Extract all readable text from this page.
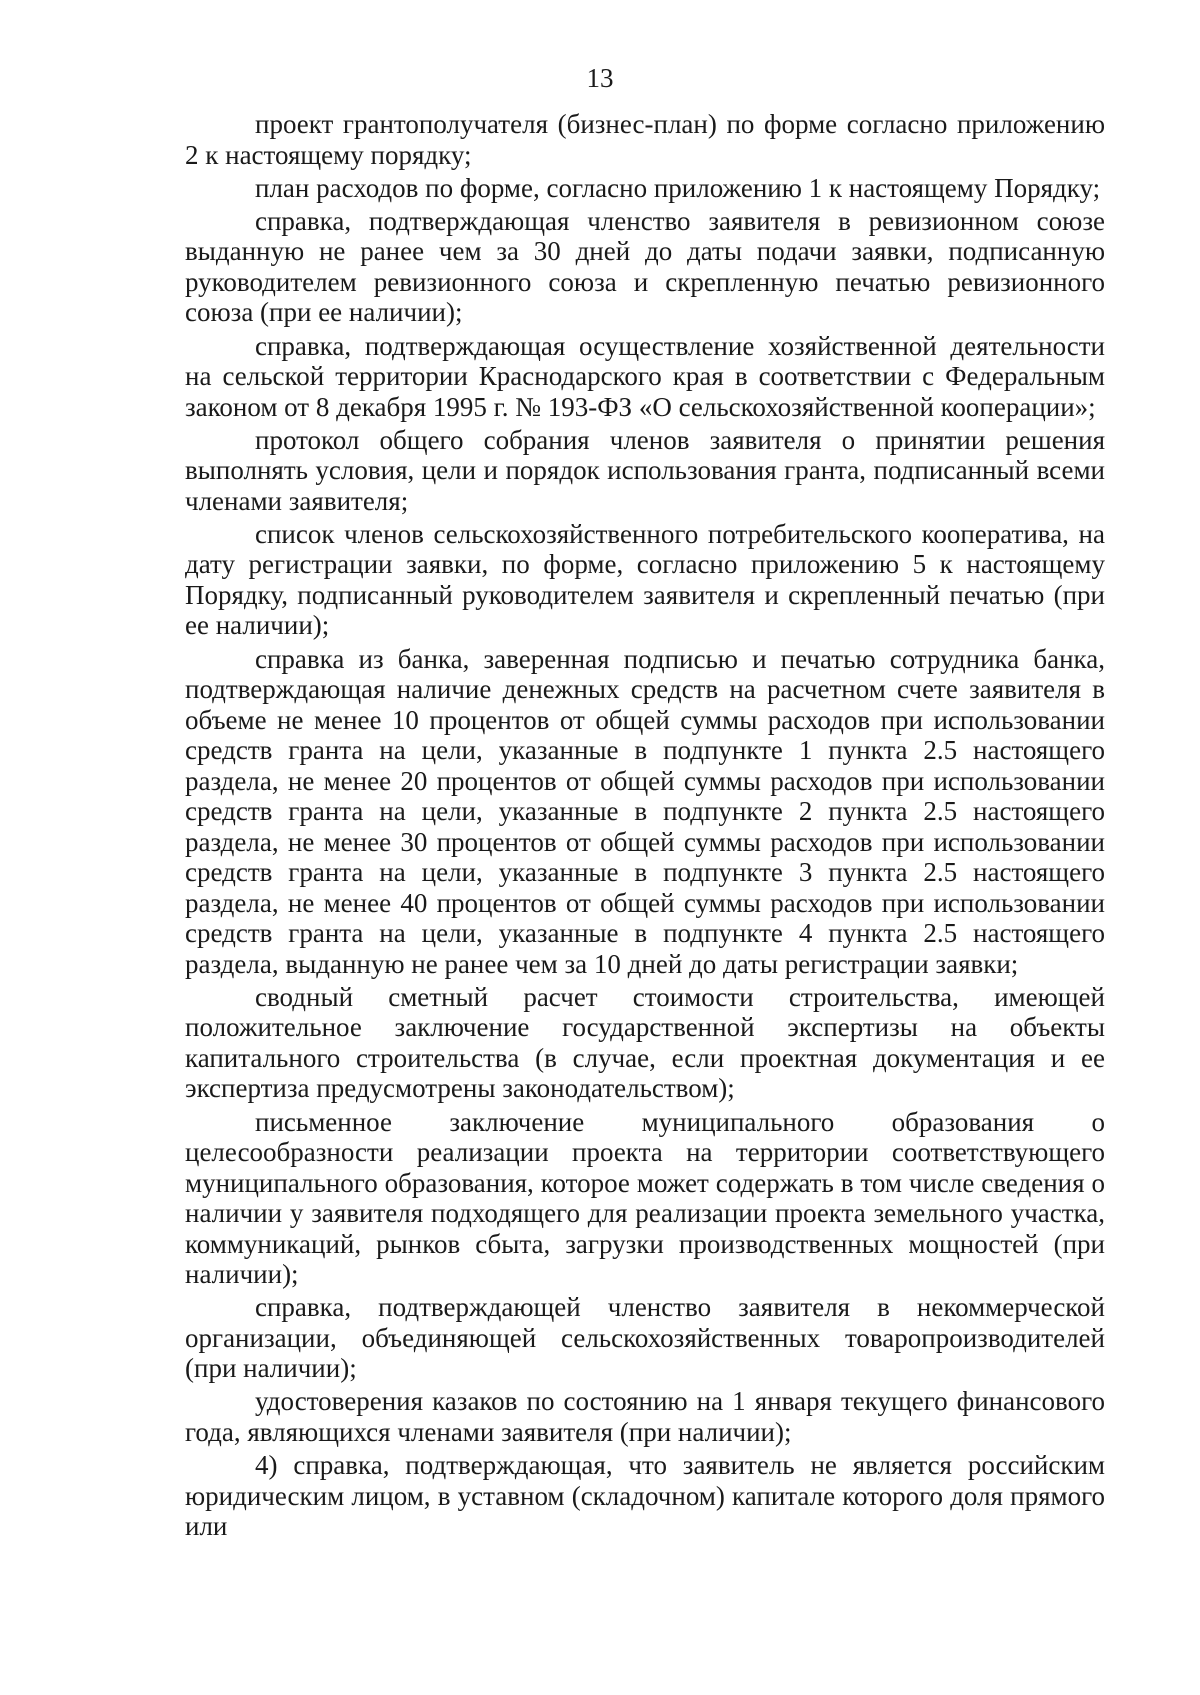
13

проект грантополучателя (бизнес-план) по форме согласно приложению 2 к настоящему порядку;

план расходов по форме, согласно приложению 1 к настоящему Порядку;

справка, подтверждающая членство заявителя в ревизионном союзе выданную не ранее чем за 30 дней до даты подачи заявки, подписанную руководителем ревизионного союза и скрепленную печатью ревизионного союза (при ее наличии);

справка, подтверждающая осуществление хозяйственной деятельности на сельской территории Краснодарского края в соответствии с Федеральным законом от 8 декабря 1995 г. № 193-ФЗ «О сельскохозяйственной кооперации»;

протокол общего собрания членов заявителя о принятии решения выполнять условия, цели и порядок использования гранта, подписанный всеми членами заявителя;

список членов сельскохозяйственного потребительского кооператива, на дату регистрации заявки, по форме, согласно приложению 5 к настоящему Порядку, подписанный руководителем заявителя и скрепленный печатью (при ее наличии);

справка из банка, заверенная подписью и печатью сотрудника банка, подтверждающая наличие денежных средств на расчетном счете заявителя в объеме не менее 10 процентов от общей суммы расходов при использовании средств гранта на цели, указанные в подпункте 1 пункта 2.5 настоящего раздела, не менее 20 процентов от общей суммы расходов при использовании средств гранта на цели, указанные в подпункте 2 пункта 2.5 настоящего раздела, не менее 30 процентов от общей суммы расходов при использовании средств гранта на цели, указанные в подпункте 3 пункта 2.5 настоящего раздела, не менее 40 процентов от общей суммы расходов при использовании средств гранта на цели, указанные в подпункте 4 пункта 2.5 настоящего раздела, выданную не ранее чем за 10 дней до даты регистрации заявки;

сводный сметный расчет стоимости строительства, имеющей положительное заключение государственной экспертизы на объекты капитального строительства (в случае, если проектная документация и ее экспертиза предусмотрены законодательством);

письменное заключение муниципального образования о целесообразности реализации проекта на территории соответствующего муниципального образования, которое может содержать в том числе сведения о наличии у заявителя подходящего для реализации проекта земельного участка, коммуникаций, рынков сбыта, загрузки производственных мощностей (при наличии);

справка, подтверждающей членство заявителя в некоммерческой организации, объединяющей сельскохозяйственных товаропроизводителей (при наличии);

удостоверения казаков по состоянию на 1 января текущего финансового года, являющихся членами заявителя (при наличии);

4) справка, подтверждающая, что заявитель не является российским юридическим лицом, в уставном (складочном) капитале которого доля прямого или
